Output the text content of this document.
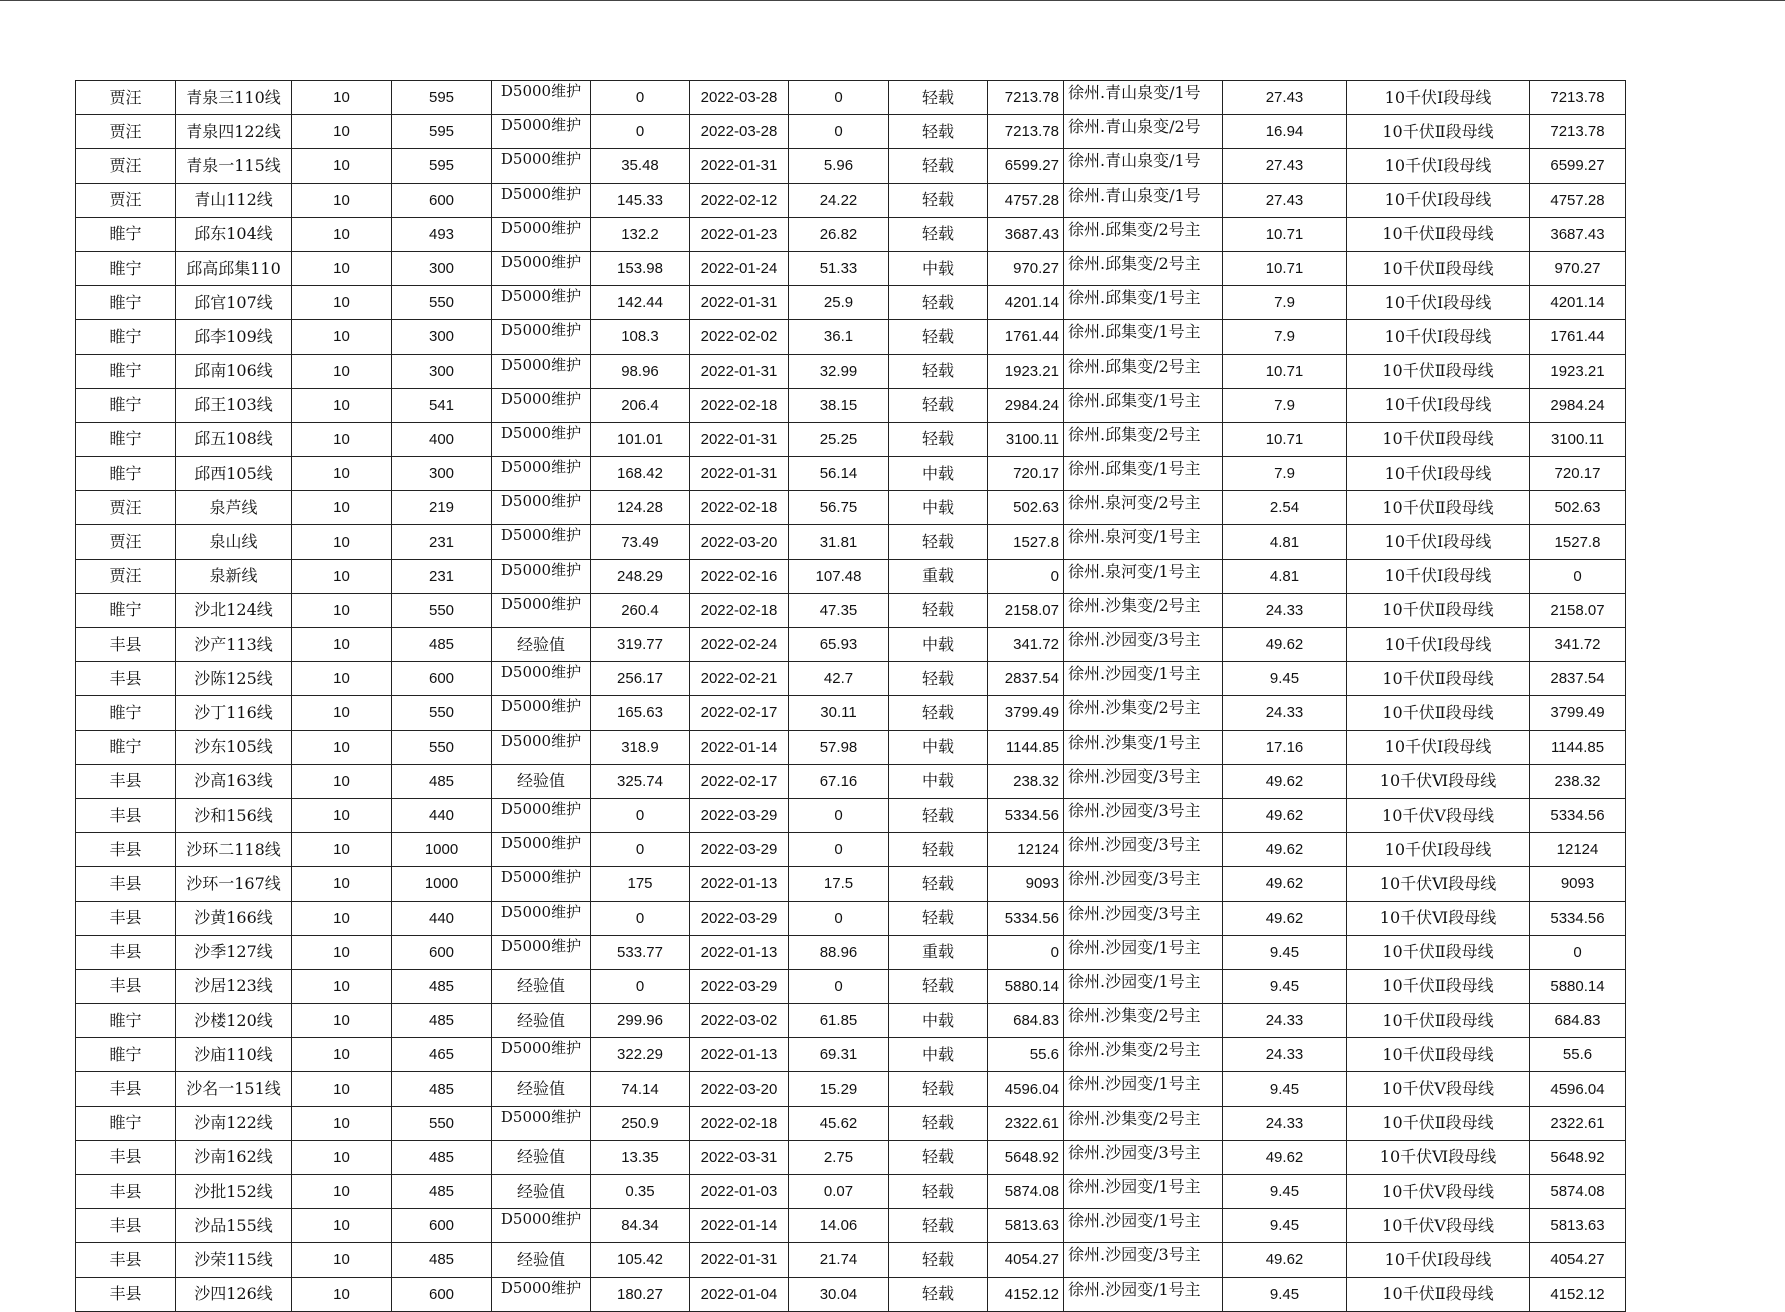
贾汪	青泉三110线	10	595	D5000维护	0	2022-03-28	0	轻载	7213.78	徐州.青山泉变/1号	27.43	10千伏Ⅰ段母线	7213.78
贾汪	青泉四122线	10	595	D5000维护	0	2022-03-28	0	轻载	7213.78	徐州.青山泉变/2号	16.94	10千伏Ⅱ段母线	7213.78
贾汪	青泉一115线	10	595	D5000维护	35.48	2022-01-31	5.96	轻载	6599.27	徐州.青山泉变/1号	27.43	10千伏Ⅰ段母线	6599.27
贾汪	青山112线	10	600	D5000维护	145.33	2022-02-12	24.22	轻载	4757.28	徐州.青山泉变/1号	27.43	10千伏Ⅰ段母线	4757.28
睢宁	邱东104线	10	493	D5000维护	132.2	2022-01-23	26.82	轻载	3687.43	徐州.邱集变/2号主	10.71	10千伏Ⅱ段母线	3687.43
睢宁	邱高邱集110	10	300	D5000维护	153.98	2022-01-24	51.33	中载	970.27	徐州.邱集变/2号主	10.71	10千伏Ⅱ段母线	970.27
睢宁	邱官107线	10	550	D5000维护	142.44	2022-01-31	25.9	轻载	4201.14	徐州.邱集变/1号主	7.9	10千伏Ⅰ段母线	4201.14
睢宁	邱李109线	10	300	D5000维护	108.3	2022-02-02	36.1	轻载	1761.44	徐州.邱集变/1号主	7.9	10千伏Ⅰ段母线	1761.44
睢宁	邱南106线	10	300	D5000维护	98.96	2022-01-31	32.99	轻载	1923.21	徐州.邱集变/2号主	10.71	10千伏Ⅱ段母线	1923.21
睢宁	邱王103线	10	541	D5000维护	206.4	2022-02-18	38.15	轻载	2984.24	徐州.邱集变/1号主	7.9	10千伏Ⅰ段母线	2984.24
睢宁	邱五108线	10	400	D5000维护	101.01	2022-01-31	25.25	轻载	3100.11	徐州.邱集变/2号主	10.71	10千伏Ⅱ段母线	3100.11
睢宁	邱西105线	10	300	D5000维护	168.42	2022-01-31	56.14	中载	720.17	徐州.邱集变/1号主	7.9	10千伏Ⅰ段母线	720.17
贾汪	泉芦线	10	219	D5000维护	124.28	2022-02-18	56.75	中载	502.63	徐州.泉河变/2号主	2.54	10千伏Ⅱ段母线	502.63
贾汪	泉山线	10	231	D5000维护	73.49	2022-03-20	31.81	轻载	1527.8	徐州.泉河变/1号主	4.81	10千伏Ⅰ段母线	1527.8
贾汪	泉新线	10	231	D5000维护	248.29	2022-02-16	107.48	重载	0	徐州.泉河变/1号主	4.81	10千伏Ⅰ段母线	0
睢宁	沙北124线	10	550	D5000维护	260.4	2022-02-18	47.35	轻载	2158.07	徐州.沙集变/2号主	24.33	10千伏Ⅱ段母线	2158.07
丰县	沙产113线	10	485	经验值	319.77	2022-02-24	65.93	中载	341.72	徐州.沙园变/3号主	49.62	10千伏Ⅰ段母线	341.72
丰县	沙陈125线	10	600	D5000维护	256.17	2022-02-21	42.7	轻载	2837.54	徐州.沙园变/1号主	9.45	10千伏Ⅱ段母线	2837.54
睢宁	沙丁116线	10	550	D5000维护	165.63	2022-02-17	30.11	轻载	3799.49	徐州.沙集变/2号主	24.33	10千伏Ⅱ段母线	3799.49
睢宁	沙东105线	10	550	D5000维护	318.9	2022-01-14	57.98	中载	1144.85	徐州.沙集变/1号主	17.16	10千伏Ⅰ段母线	1144.85
丰县	沙高163线	10	485	经验值	325.74	2022-02-17	67.16	中载	238.32	徐州.沙园变/3号主	49.62	10千伏Ⅵ段母线	238.32
丰县	沙和156线	10	440	D5000维护	0	2022-03-29	0	轻载	5334.56	徐州.沙园变/3号主	49.62	10千伏Ⅴ段母线	5334.56
丰县	沙环二118线	10	1000	D5000维护	0	2022-03-29	0	轻载	12124	徐州.沙园变/3号主	49.62	10千伏Ⅰ段母线	12124
丰县	沙环一167线	10	1000	D5000维护	175	2022-01-13	17.5	轻载	9093	徐州.沙园变/3号主	49.62	10千伏Ⅵ段母线	9093
丰县	沙黄166线	10	440	D5000维护	0	2022-03-29	0	轻载	5334.56	徐州.沙园变/3号主	49.62	10千伏Ⅵ段母线	5334.56
丰县	沙季127线	10	600	D5000维护	533.77	2022-01-13	88.96	重载	0	徐州.沙园变/1号主	9.45	10千伏Ⅱ段母线	0
丰县	沙居123线	10	485	经验值	0	2022-03-29	0	轻载	5880.14	徐州.沙园变/1号主	9.45	10千伏Ⅱ段母线	5880.14
睢宁	沙楼120线	10	485	经验值	299.96	2022-03-02	61.85	中载	684.83	徐州.沙集变/2号主	24.33	10千伏Ⅱ段母线	684.83
睢宁	沙庙110线	10	465	D5000维护	322.29	2022-01-13	69.31	中载	55.6	徐州.沙集变/2号主	24.33	10千伏Ⅱ段母线	55.6
丰县	沙名一151线	10	485	经验值	74.14	2022-03-20	15.29	轻载	4596.04	徐州.沙园变/1号主	9.45	10千伏Ⅴ段母线	4596.04
睢宁	沙南122线	10	550	D5000维护	250.9	2022-02-18	45.62	轻载	2322.61	徐州.沙集变/2号主	24.33	10千伏Ⅱ段母线	2322.61
丰县	沙南162线	10	485	经验值	13.35	2022-03-31	2.75	轻载	5648.92	徐州.沙园变/3号主	49.62	10千伏Ⅵ段母线	5648.92
丰县	沙批152线	10	485	经验值	0.35	2022-01-03	0.07	轻载	5874.08	徐州.沙园变/1号主	9.45	10千伏Ⅴ段母线	5874.08
丰县	沙品155线	10	600	D5000维护	84.34	2022-01-14	14.06	轻载	5813.63	徐州.沙园变/1号主	9.45	10千伏Ⅴ段母线	5813.63
丰县	沙荣115线	10	485	经验值	105.42	2022-01-31	21.74	轻载	4054.27	徐州.沙园变/3号主	49.62	10千伏Ⅰ段母线	4054.27
丰县	沙四126线	10	600	D5000维护	180.27	2022-01-04	30.04	轻载	4152.12	徐州.沙园变/1号主	9.45	10千伏Ⅱ段母线	4152.12
